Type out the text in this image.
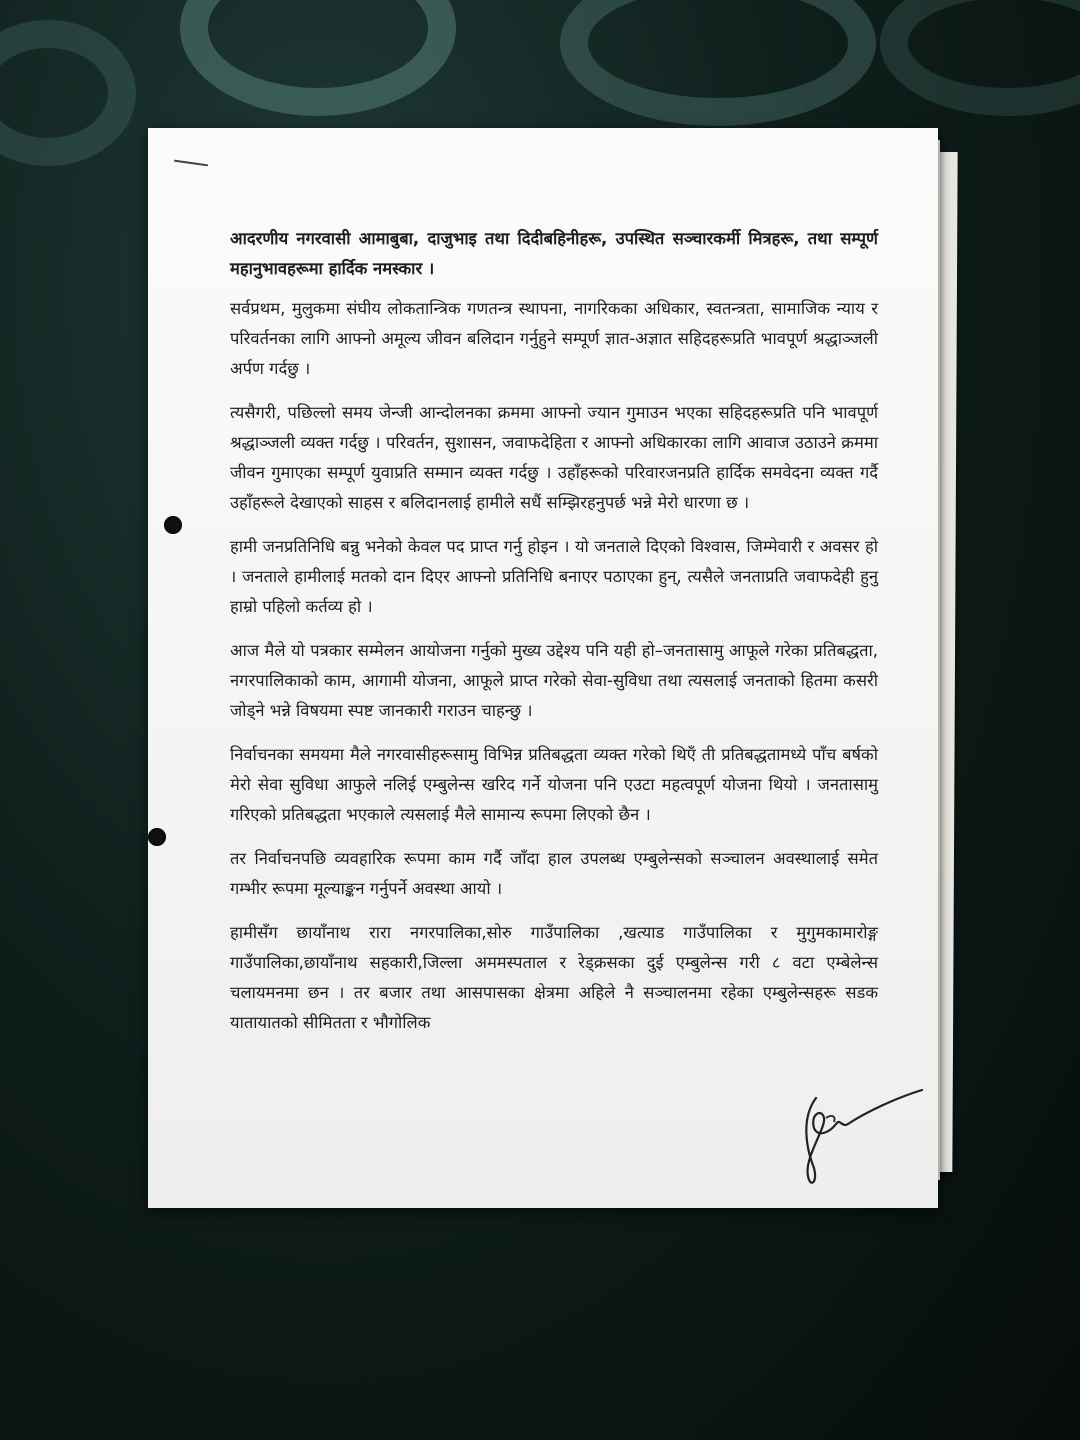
आदरणीय नगरवासी आमाबुबा, दाजुभाइ तथा दिदीबहिनीहरू, उपस्थित सञ्चारकर्मी मित्रहरू, तथा सम्पूर्ण महानुभावहरूमा हार्दिक नमस्कार ।

सर्वप्रथम, मुलुकमा संघीय लोकतान्त्रिक गणतन्त्र स्थापना, नागरिकका अधिकार, स्वतन्त्रता, सामाजिक न्याय र परिवर्तनका लागि आफ्नो अमूल्य जीवन बलिदान गर्नुहुने सम्पूर्ण ज्ञात-अज्ञात सहिदहरूप्रति भावपूर्ण श्रद्धाञ्जली अर्पण गर्दछु ।

त्यसैगरी, पछिल्लो समय जेन्जी आन्दोलनका क्रममा आफ्नो ज्यान गुमाउन भएका सहिदहरूप्रति पनि भावपूर्ण श्रद्धाञ्जली व्यक्त गर्दछु । परिवर्तन, सुशासन, जवाफदेहिता र आफ्नो अधिकारका लागि आवाज उठाउने क्रममा जीवन गुमाएका सम्पूर्ण युवाप्रति सम्मान व्यक्त गर्दछु । उहाँहरूको परिवारजनप्रति हार्दिक समवेदना व्यक्त गर्दै उहाँहरूले देखाएको साहस र बलिदानलाई हामीले सधैं सम्झिरहनुपर्छ भन्ने मेरो धारणा छ ।

हामी जनप्रतिनिधि बन्नु भनेको केवल पद प्राप्त गर्नु होइन । यो जनताले दिएको विश्वास, जिम्मेवारी र अवसर हो । जनताले हामीलाई मतको दान दिएर आफ्नो प्रतिनिधि बनाएर पठाएका हुन्, त्यसैले जनताप्रति जवाफदेही हुनु हाम्रो पहिलो कर्तव्य हो ।

आज मैले यो पत्रकार सम्मेलन आयोजना गर्नुको मुख्य उद्देश्य पनि यही हो–जनतासामु आफूले गरेका प्रतिबद्धता, नगरपालिकाको काम, आगामी योजना, आफूले प्राप्त गरेको सेवा-सुविधा तथा त्यसलाई जनताको हितमा कसरी जोड्ने भन्ने विषयमा स्पष्ट जानकारी गराउन चाहन्छु ।

निर्वाचनका समयमा मैले नगरवासीहरूसामु विभिन्न प्रतिबद्धता व्यक्त गरेको थिएँ ती प्रतिबद्धतामध्ये पाँच बर्षको मेरो सेवा सुविधा आफुले नलिई एम्बुलेन्स खरिद गर्ने योजना पनि एउटा महत्वपूर्ण योजना थियो । जनतासामु गरिएको प्रतिबद्धता भएकाले त्यसलाई मैले सामान्य रूपमा लिएको छैन ।

तर निर्वाचनपछि व्यवहारिक रूपमा काम गर्दै जाँदा हाल उपलब्ध एम्बुलेन्सको सञ्चालन अवस्थालाई समेत गम्भीर रूपमा मूल्याङ्कन गर्नुपर्ने अवस्था आयो ।

हामीसँग छायाँनाथ रारा नगरपालिका,सोरु गाउँपालिका ,खत्याड गाउँपालिका र मुगुमकामारोङ्ग गाउँपालिका,छायाँनाथ सहकारी,जिल्ला अममस्पताल र रेड्क्रसका दुई एम्बुलेन्स गरी ८ वटा एम्बेलेन्स चलायमनमा छन । तर बजार तथा आसपासका क्षेत्रमा अहिले नै सञ्चालनमा रहेका एम्बुलेन्सहरू सडक यातायातको सीमितता र भौगोलिक
